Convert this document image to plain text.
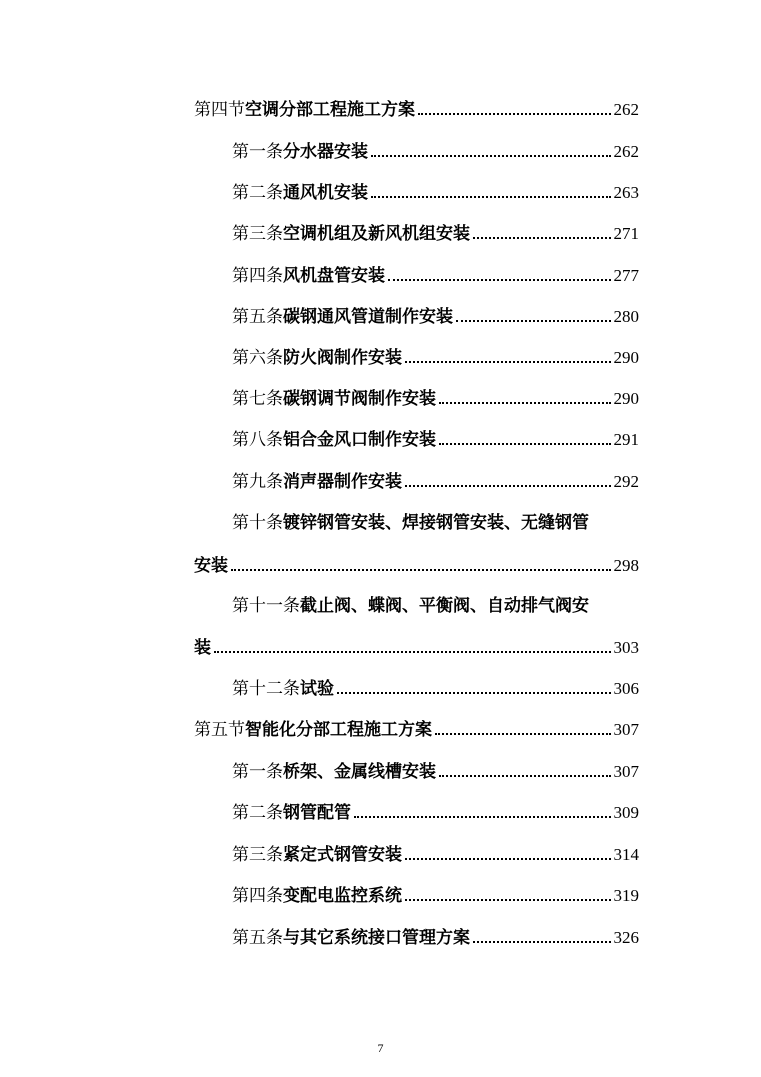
第四节空调分部工程施工方案	262
第一条分水器安装	262
第二条通风机安装	263
第三条空调机组及新风机组安装	271
第四条风机盘管安装	277
第五条碳钢通风管道制作安装	280
第六条防火阀制作安装	290
第七条碳钢调节阀制作安装	290
第八条铝合金风口制作安装	291
第九条消声器制作安装	292
第十条镀锌钢管安装、焊接钢管安装、无缝钢管
安装	298
第十一条截止阀、蝶阀、平衡阀、自动排气阀安
装	303
第十二条试验	306
第五节智能化分部工程施工方案	307
第一条桥架、金属线槽安装	307
第二条钢管配管	309
第三条紧定式钢管安装	314
第四条变配电监控系统	319
第五条与其它系统接口管理方案	326
7
